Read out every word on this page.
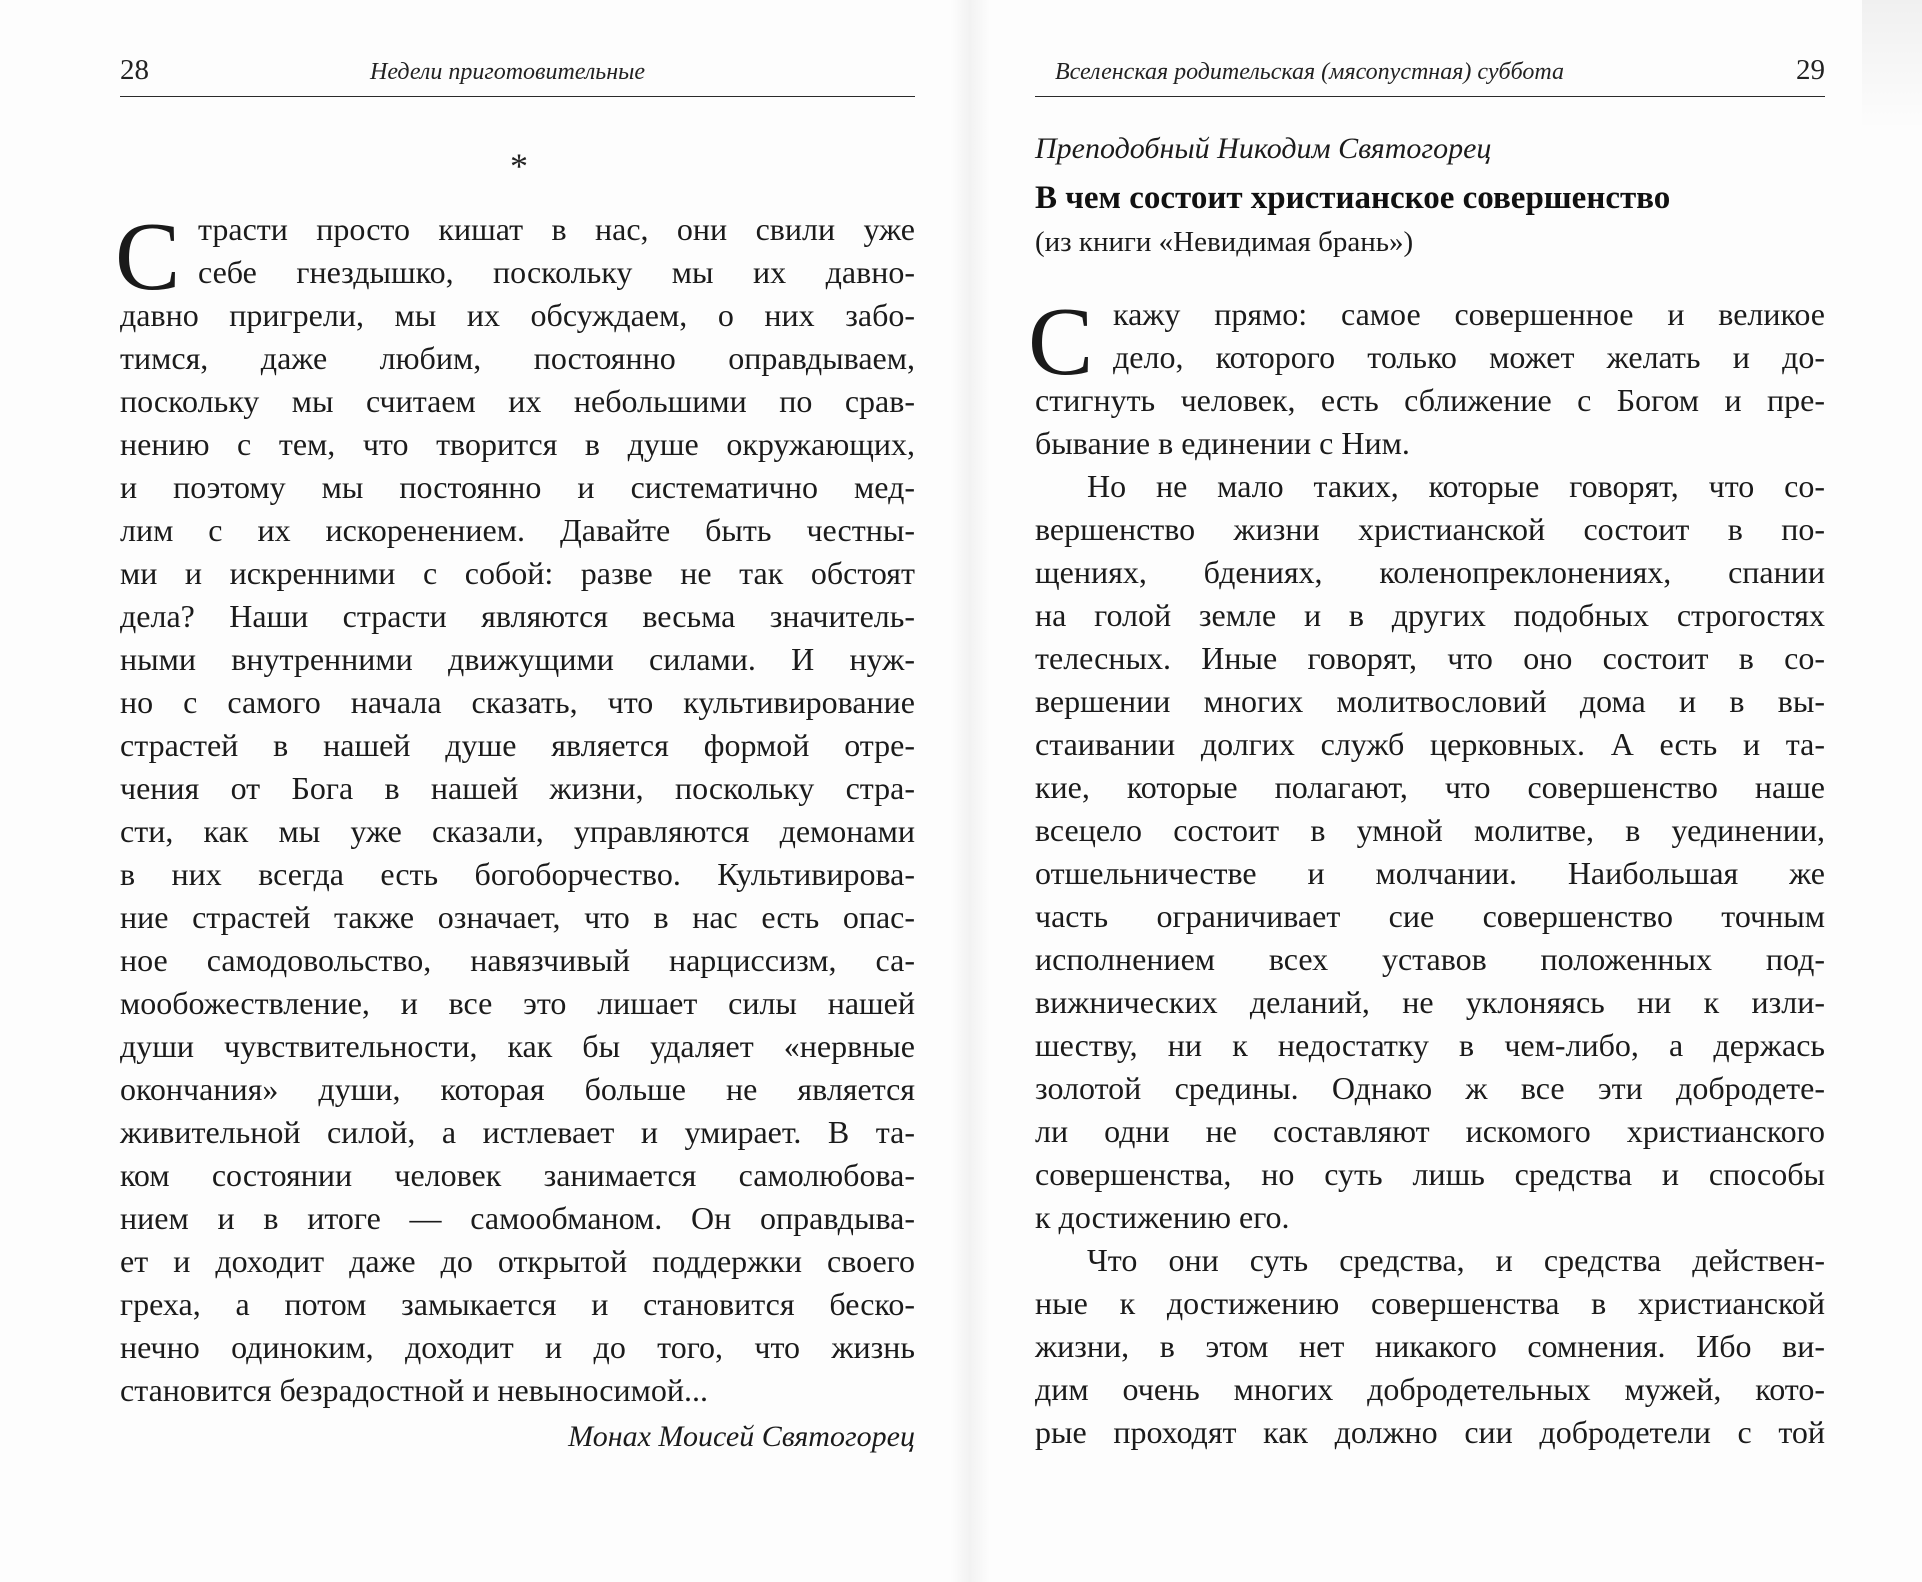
28	Недели приготовительные
*
С трасти просто кишат в нас, они свили уже
себе гнездышко, поскольку мы их давно-
давно пригрели, мы их обсуждаем, о них забо-
тимся, даже любим, постоянно оправдываем,
поскольку мы считаем их небольшими по срав-
нению с тем, что творится в душе окружающих,
и поэтому мы постоянно и систематично мед-
лим с их искоренением. Давайте быть честны-
ми и искренними с собой: разве не так обстоят
дела? Наши страсти являются весьма значитель-
ными внутренними движущими силами. И нуж-
но с самого начала сказать, что культивирование
страстей в нашей душе является формой отре-
чения от Бога в нашей жизни, поскольку стра-
сти, как мы уже сказали, управляются демонами
в них всегда есть богоборчество. Культивирова-
ние страстей также означает, что в нас есть опас-
ное самодовольство, навязчивый нарциссизм, са-
мообожествление, и все это лишает силы нашей
души чувствительности, как бы удаляет «нервные
окончания» души, которая больше не является
живительной силой, а истлевает и умирает. В та-
ком состоянии человек занимается самолюбова-
нием и в итоге — самообманом. Он оправдыва-
ет и доходит даже до открытой поддержки своего
греха, а потом замыкается и становится беско-
нечно одиноким, доходит и до того, что жизнь
становится безрадостной и невыносимой...
Монах Моисей Святогорец
Вселенская родительская (мясопустная) суббота	29
Преподобный Никодим Святогорец
В чем состоит христианское совершенство
(из книги «Невидимая брань»)
С кажу прямо: самое совершенное и великое
дело, которого только может желать и до-
стигнуть человек, есть сближение с Богом и пре-
бывание в единении с Ним.
Но не мало таких, которые говорят, что со-
вершенство жизни христианской состоит в по-
щениях, бдениях, коленопреклонениях, спании
на голой земле и в других подобных строгостях
телесных. Иные говорят, что оно состоит в со-
вершении многих молитвословий дома и в вы-
стаивании долгих служб церковных. А есть и та-
кие, которые полагают, что совершенство наше
всецело состоит в умной молитве, в уединении,
отшельничестве и молчании. Наибольшая же
часть ограничивает сие совершенство точным
исполнением всех уставов положенных под-
вижнических деланий, не уклоняясь ни к изли-
шеству, ни к недостатку в чем-либо, а держась
золотой средины. Однако ж все эти добродете-
ли одни не составляют искомого христианского
совершенства, но суть лишь средства и способы
к достижению его.
Что они суть средства, и средства действен-
ные к достижению совершенства в христианской
жизни, в этом нет никакого сомнения. Ибо ви-
дим очень многих добродетельных мужей, кото-
рые проходят как должно сии добродетели с той
